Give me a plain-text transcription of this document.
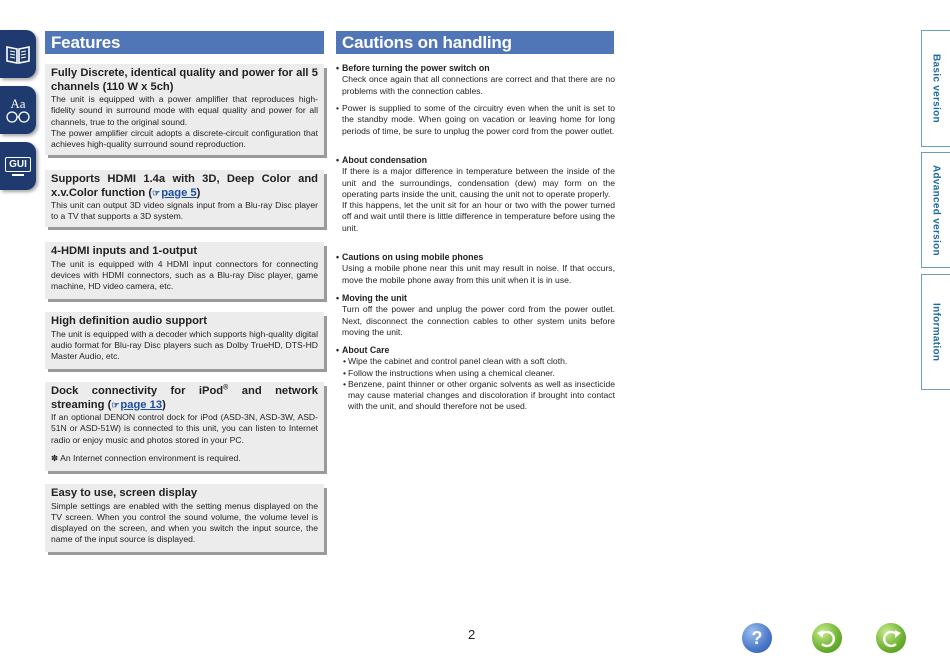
Aa
GUI
Basic version
Advanced version
Information
Features	Cautions on handling
Fully Discrete, identical quality and power for all 5 channels (110 W x 5ch)
The unit is equipped with a power amplifier that reproduces high-fidelity sound in surround mode with equal quality and power for all channels, true to the original sound.
The power amplifier circuit adopts a discrete-circuit configuration that achieves high-quality surround sound reproduction.
Supports HDMI 1.4a with 3D, Deep Color and x.v.Color function (☞page 5)
This unit can output 3D video signals input from a Blu-ray Disc player to a TV that supports a 3D system.
4-HDMI inputs and 1-output
The unit is equipped with 4 HDMI input connectors for connecting devices with HDMI connectors, such as a Blu-ray Disc player, game machine, HD video camera, etc.
High definition audio support
The unit is equipped with a decoder which supports high-quality digital audio format for Blu-ray Disc players such as Dolby TrueHD, DTS-HD Master Audio, etc.
Dock connectivity for iPod® and network streaming (☞page 13)
If an optional DENON control dock for iPod (ASD-3N, ASD-3W, ASD-51N or ASD-51W) is connected to this unit, you can listen to Internet radio or enjoy music and photos stored in your PC.
✽ An Internet connection environment is required.
Easy to use, screen display
Simple settings are enabled with the setting menus displayed on the TV screen. When you control the sound volume, the volume level is displayed on the screen, and when you switch the input source, the name of the input source is displayed.
• Before turning the power switch on
Check once again that all connections are correct and that there are no problems with the connection cables.
• Power is supplied to some of the circuitry even when the unit is set to the standby mode. When going on vacation or leaving home for long periods of time, be sure to unplug the power cord from the power outlet.
• About condensation
If there is a major difference in temperature between the inside of the unit and the surroundings, condensation (dew) may form on the operating parts inside the unit, causing the unit not to operate properly.
If this happens, let the unit sit for an hour or two with the power turned off and wait until there is little difference in temperature before using the unit.
• Cautions on using mobile phones
Using a mobile phone near this unit may result in noise. If that occurs, move the mobile phone away from this unit when it is in use.
• Moving the unit
Turn off the power and unplug the power cord from the power outlet. Next, disconnect the connection cables to other system units before moving the unit.
• About Care
• Wipe the cabinet and control panel clean with a soft cloth.
• Follow the instructions when using a chemical cleaner.
• Benzene, paint thinner or other organic solvents as well as insecticide may cause material changes and discoloration if brought into contact with the unit, and should therefore not be used.
2	?
